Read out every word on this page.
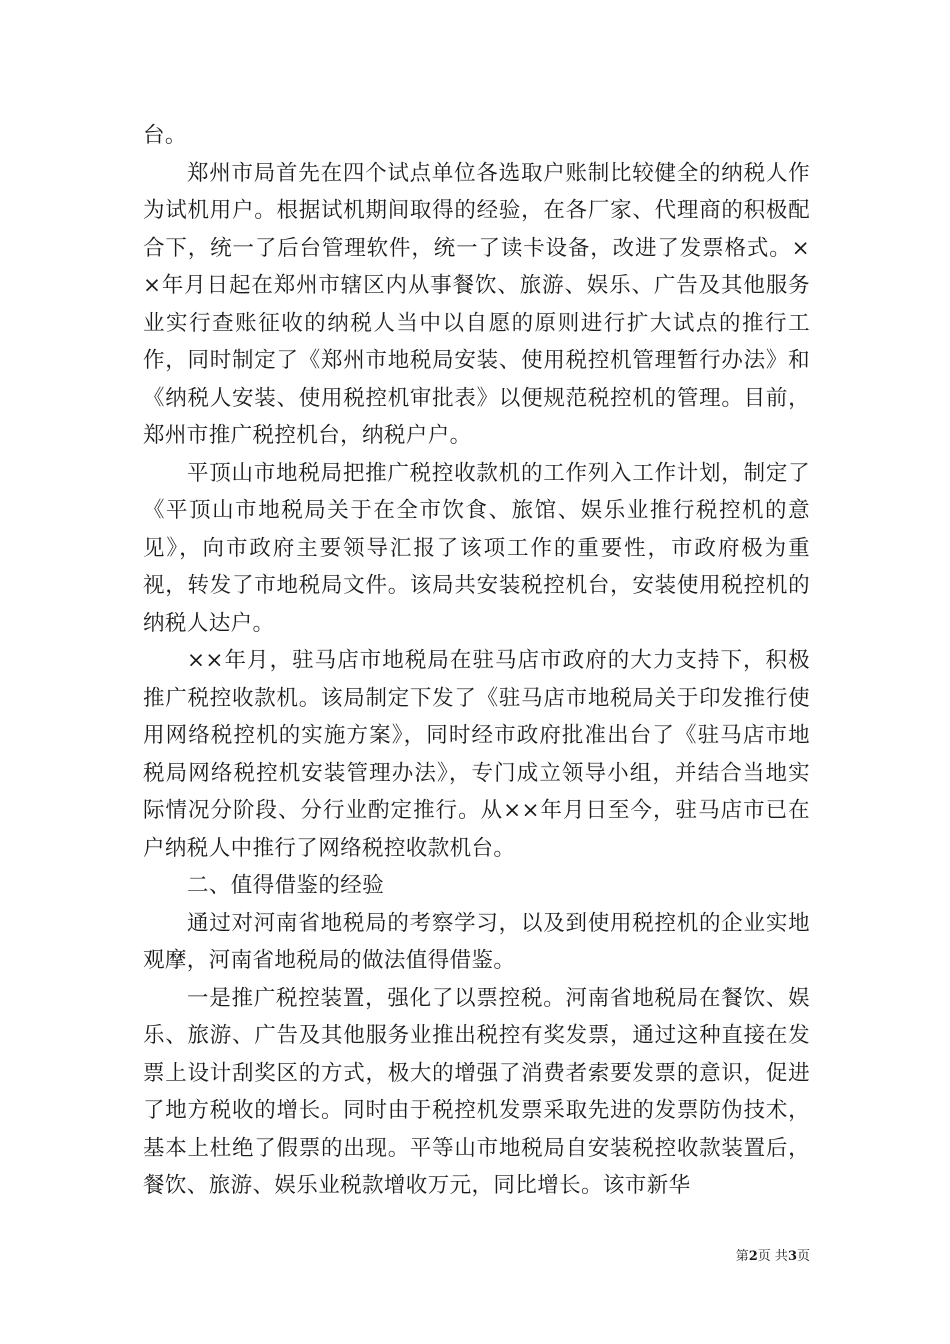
台。

郑州市局首先在四个试点单位各选取户账制比较健全的纳税人作为试机用户。根据试机期间取得的经验，在各厂家、代理商的积极配合下，统一了后台管理软件，统一了读卡设备，改进了发票格式。××年月日起在郑州市辖区内从事餐饮、旅游、娱乐、广告及其他服务业实行查账征收的纳税人当中以自愿的原则进行扩大试点的推行工作，同时制定了《郑州市地税局安装、使用税控机管理暂行办法》和《纳税人安装、使用税控机审批表》以便规范税控机的管理。目前，郑州市推广税控机台，纳税户户。

平顶山市地税局把推广税控收款机的工作列入工作计划，制定了《平顶山市地税局关于在全市饮食、旅馆、娱乐业推行税控机的意见》，向市政府主要领导汇报了该项工作的重要性，市政府极为重视，转发了市地税局文件。该局共安装税控机台，安装使用税控机的纳税人达户。

××年月，驻马店市地税局在驻马店市政府的大力支持下，积极推广税控收款机。该局制定下发了《驻马店市地税局关于印发推行使用网络税控机的实施方案》，同时经市政府批准出台了《驻马店市地税局网络税控机安装管理办法》，专门成立领导小组，并结合当地实际情况分阶段、分行业酌定推行。从××年月日至今，驻马店市已在户纳税人中推行了网络税控收款机台。

二、值得借鉴的经验

通过对河南省地税局的考察学习，以及到使用税控机的企业实地观摩，河南省地税局的做法值得借鉴。

一是推广税控装置，强化了以票控税。河南省地税局在餐饮、娱乐、旅游、广告及其他服务业推出税控有奖发票，通过这种直接在发票上设计刮奖区的方式，极大的增强了消费者索要发票的意识，促进了地方税收的增长。同时由于税控机发票采取先进的发票防伪技术，基本上杜绝了假票的出现。平等山市地税局自安装税控收款装置后，餐饮、旅游、娱乐业税款增收万元，同比增长。该市新华

第2页 共3页
